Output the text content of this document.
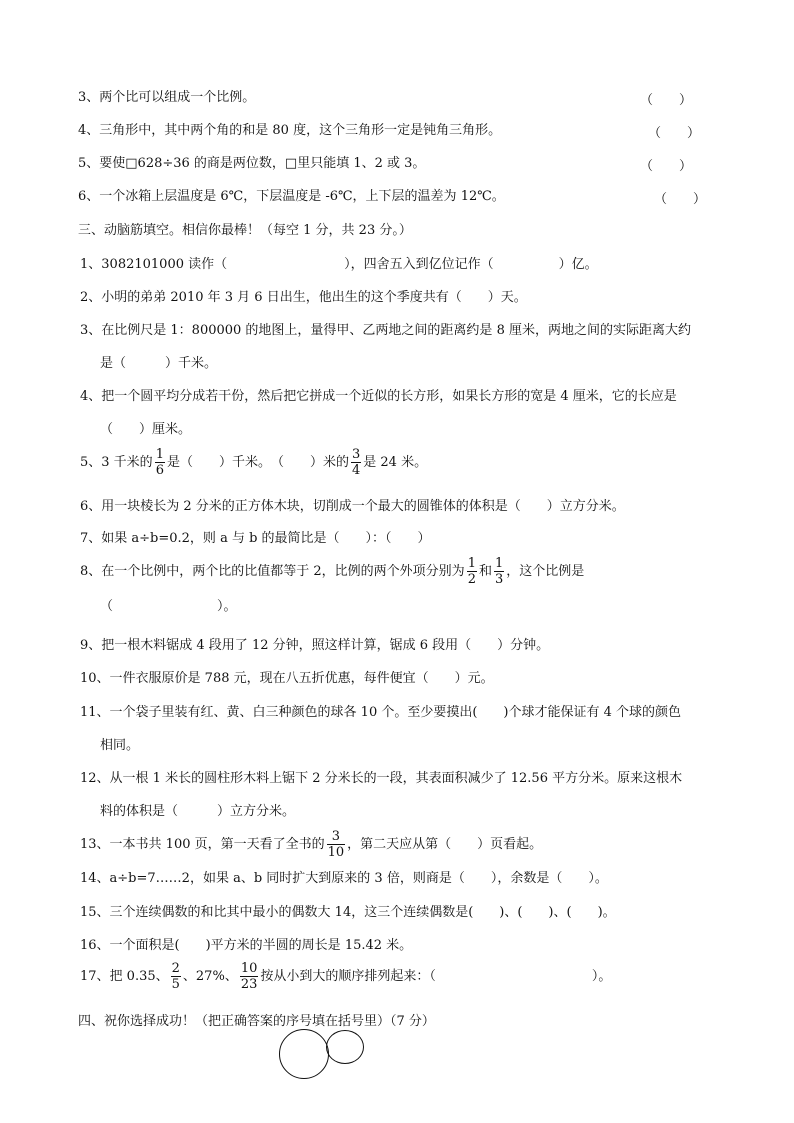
3、两个比可以组成一个比例。	（　　）
4、三角形中，其中两个角的和是 80 度，这个三角形一定是钝角三角形。	（　　）
5、要使□628÷36 的商是两位数，□里只能填 1、2 或 3。	（　　）
6、一个冰箱上层温度是 6℃，下层温度是 -6℃，上下层的温差为 12℃。	（　　）
三、动脑筋填空。相信你最棒！（每空 1 分，共 23 分。）
1、3082101000 读作（　　　　　　　　　），四舍五入到亿位记作（　　　　　）亿。
2、小明的弟弟 2010 年 3 月 6 日出生，他出生的这个季度共有（　　）天。
3、在比例尺是 1：800000 的地图上，量得甲、乙两地之间的距离约是 8 厘米，两地之间的实际距离大约
是（　　　）千米。
4、把一个圆平均分成若干份，然后把它拼成一个近似的长方形，如果长方形的宽是 4 厘米，它的长应是
（　　）厘米。
5、3 千米的 $\frac{1}{6}$ 是（　　）千米。　（　　）米的 $\frac{3}{4}$ 是 24 米。
6、用一块棱长为 2 分米的正方体木块，切削成一个最大的圆锥体的体积是（　　）立方分米。
7、如果 a÷b=0.2，则 a 与 b 的最简比是（　　）：（　　）
8、在一个比例中，两个比的比值都等于 2，比例的两个外项分别为 $\frac{1}{2}$ 和 $\frac{1}{3}$ ，这个比例是
（　　　　　　　　）。
9、把一根木料锯成 4 段用了 12 分钟，照这样计算，锯成 6 段用（　　）分钟。
10、一件衣服原价是 788 元，现在八五折优惠，每件便宜（　　）元。
11、一个袋子里装有红、黄、白三种颜色的球各 10 个。至少要摸出(　　)个球才能保证有 4 个球的颜色
相同。
12、从一根 1 米长的圆柱形木料上锯下 2 分米长的一段，其表面积减少了 12.56 平方分米。原来这根木
料的体积是（　　　）立方分米。
13、一本书共 100 页，第一天看了全书的 $\frac{3}{10}$ ，第二天应从第（　　）页看起。
14、a÷b=7……2，如果 a、b 同时扩大到原来的 3 倍，则商是（　　），余数是（　　）。
15、三个连续偶数的和比其中最小的偶数大 14，这三个连续偶数是(　　)、(　　)、(　　)。
16、一个面积是(　　)平方米的半圆的周长是 15.42 米。
17、把 0.35、 $\frac{2}{5}$ 、27%、 $\frac{10}{23}$ 按从小到大的顺序排列起来：（　　　　　　　　　　　　）。
四、祝你选择成功！（把正确答案的序号填在括号里）（7 分）
